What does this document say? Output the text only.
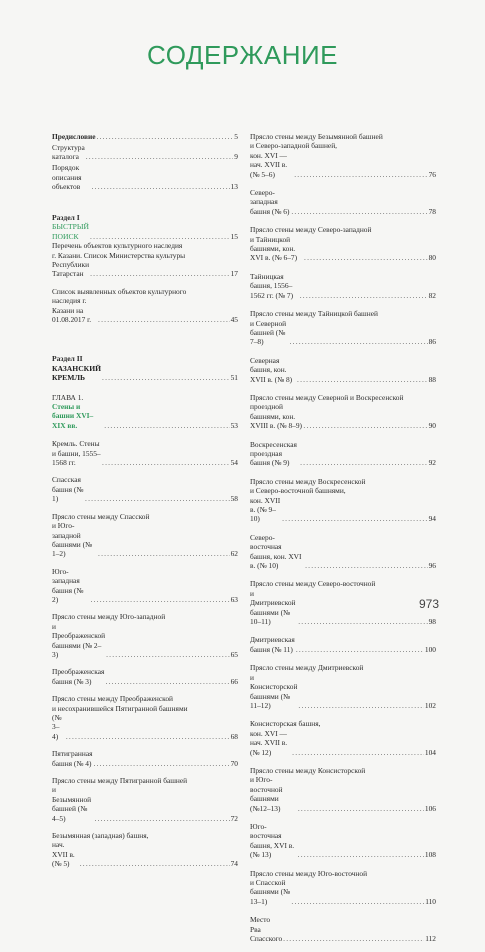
СОДЕРЖАНИЕ
Предисловие .....	5
Структура каталога .....	9
Порядок описания объектов .....	13
Раздел I
БЫСТРЫЙ ПОИСК .....	15
Перечень объектов культурного наследия
г. Казани. Список Министерства культуры
Республики Татарстан .....	17
Список выявленных объектов культурного
наследия г. Казани на 01.08.2017 г. .....	45
Раздел II
КАЗАНСКИЙ КРЕМЛЬ .....	51
ГЛАВА 1. Стены и башни XVI–XIX вв. .....	53
Кремль. Стены и башни, 1555–1568 гг. .....	54
Спасская башня (№ 1) .....	58
Прясло стены между Спасской
и Юго-западной башнями (№ 1–2) .....	62
Юго-западная башня (№ 2) .....	63
Прясло стены между Юго-западной
и Преображенской башнями (№ 2–3) .....	65
Преображенская башня (№ 3) .....	66
Прясло стены между Преображенской
и несохранившейся Пятигранной башнями
(№ 3–4) .....	68
Пятигранная башня (№ 4) .....	70
Прясло стены между Пятигранной башней
и Безымянной башней (№ 4–5) .....	72
Безымянная (западная) башня,
нач. XVII в. (№ 5) .....	74
Прясло стены между Безымянной башней
и Северо-западной башней,
кон. XVI — нач. XVII в. (№ 5–6) .....	76
Северо-западная башня (№ 6) .....	78
Прясло стены между Северо-западной
и Тайницкой башнями, кон. XVI в. (№ 6–7) .....	80
Тайницкая башня, 1556–1562 гг. (№ 7) .....	82
Прясло стены между Тайницкой башней
и Северной башней (№ 7–8) .....	86
Северная башня, кон. XVII в. (№ 8) .....	88
Прясло стены между Северной и Воскресенской
проездной башнями, кон. XVIII в. (№ 8–9) .....	90
Воскресенская проездная башня (№ 9) .....	92
Прясло стены между Воскресенской
и Северо-восточной башнями,
кон. XVII в. (№ 9–10) .....	94
Северо-восточная башня, кон. XVI в. (№ 10) .....	96
Прясло стены между Северо-восточной
и Дмитриевской башнями (№ 10–11) .....	98
Дмитриевская башня (№ 11) .....	100
Прясло стены между Дмитриевской
и Консисторской башнями (№ 11–12) .....	102
Консисторская башня,
кон. XVI — нач. XVII в. (№ 12) .....	104
Прясло стены между Консисторской
и Юго-восточной башнями (№12–13) .....	106
Юго-восточная башня, XVI в. (№ 13) .....	108
Прясло стены между Юго-восточной
и Спасской башнями (№ 13–1) .....	110
Место Рва Спасского .....	112
973
